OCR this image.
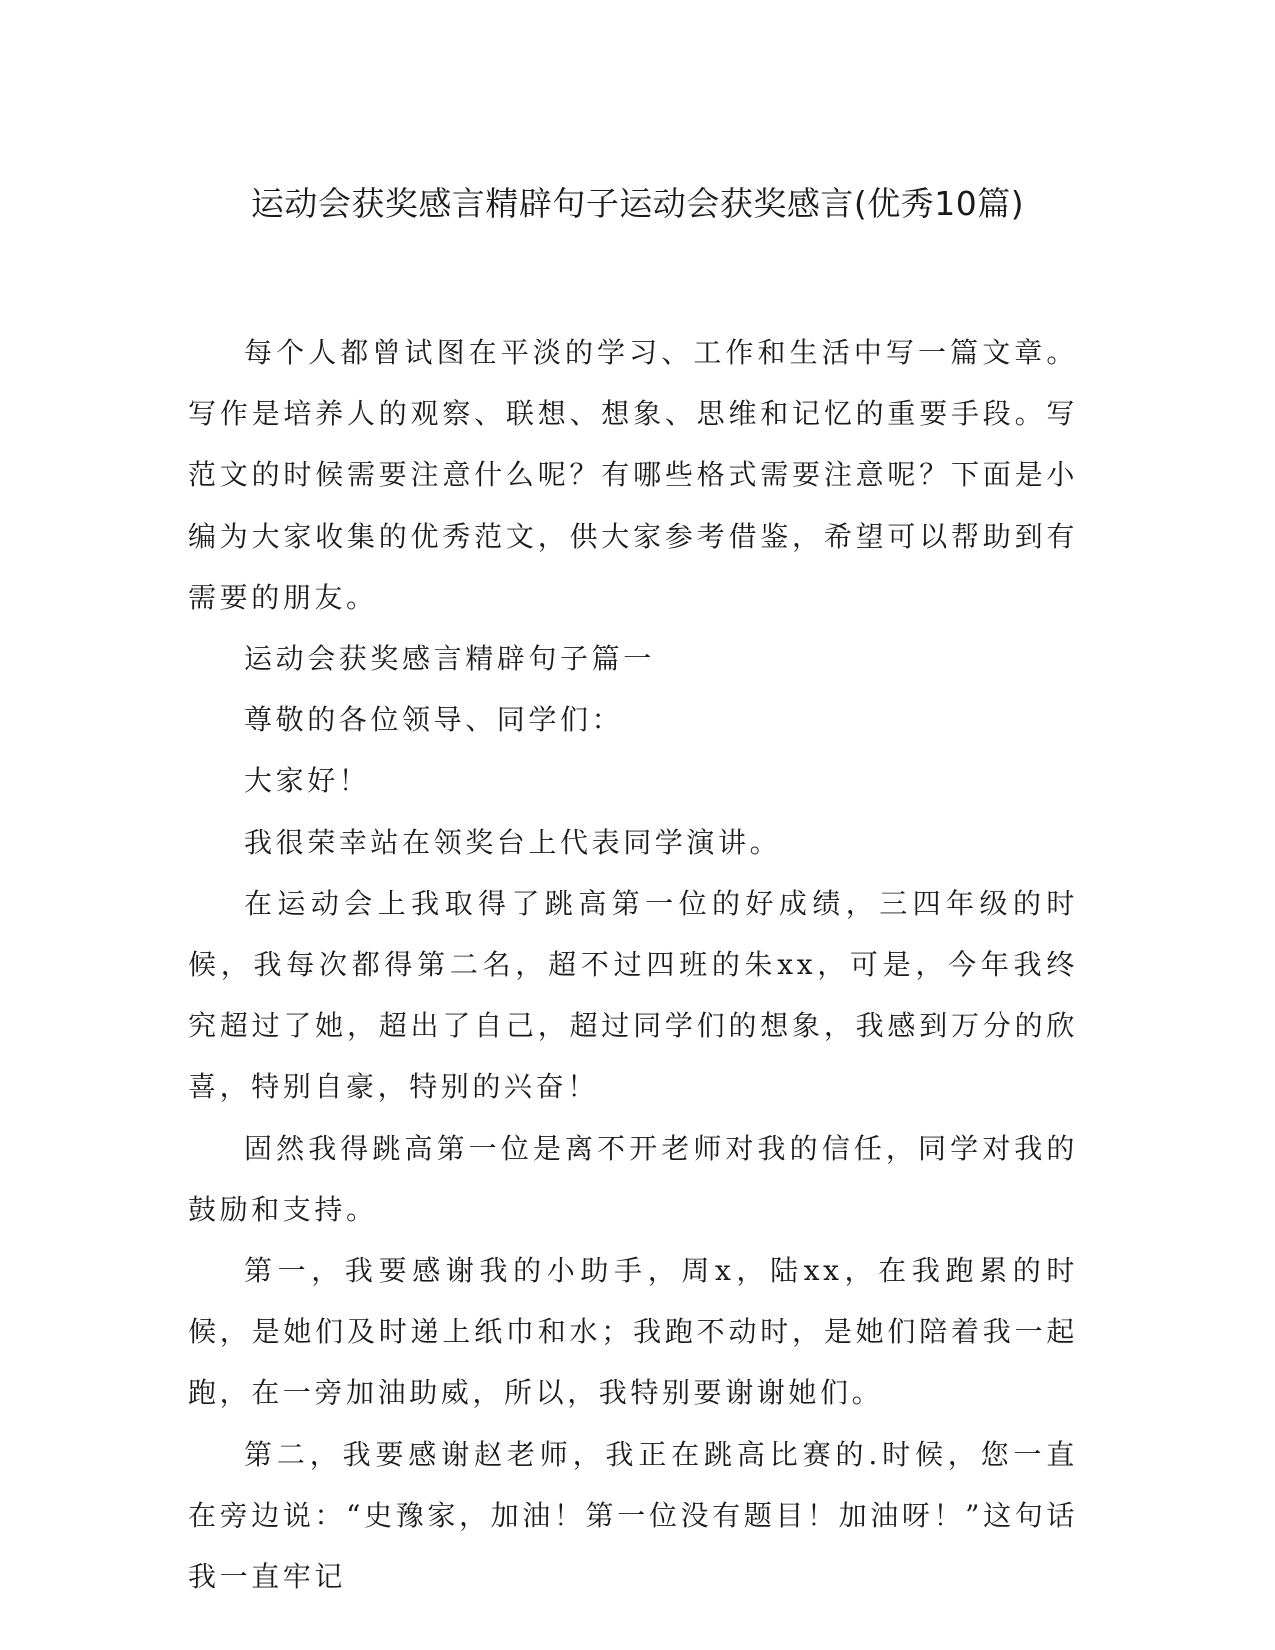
运动会获奖感言精辟句子运动会获奖感言(优秀10篇)

每个人都曾试图在平淡的学习、工作和生活中写一篇文章。写作是培养人的观察、联想、想象、思维和记忆的重要手段。写范文的时候需要注意什么呢？有哪些格式需要注意呢？下面是小编为大家收集的优秀范文，供大家参考借鉴，希望可以帮助到有需要的朋友。

运动会获奖感言精辟句子篇一

尊敬的各位领导、同学们：

大家好！

我很荣幸站在领奖台上代表同学演讲。

在运动会上我取得了跳高第一位的好成绩，三四年级的时候，我每次都得第二名，超不过四班的朱xx，可是，今年我终究超过了她，超出了自己，超过同学们的想象，我感到万分的欣喜，特别自豪，特别的兴奋！

固然我得跳高第一位是离不开老师对我的信任，同学对我的鼓励和支持。

第一，我要感谢我的小助手，周x，陆xx，在我跑累的时候，是她们及时递上纸巾和水；我跑不动时，是她们陪着我一起跑，在一旁加油助威，所以，我特别要谢谢她们。

第二，我要感谢赵老师，我正在跳高比赛的.时候，您一直在旁边说：“史豫家，加油！第一位没有题目！加油呀！”这句话我一直牢记
